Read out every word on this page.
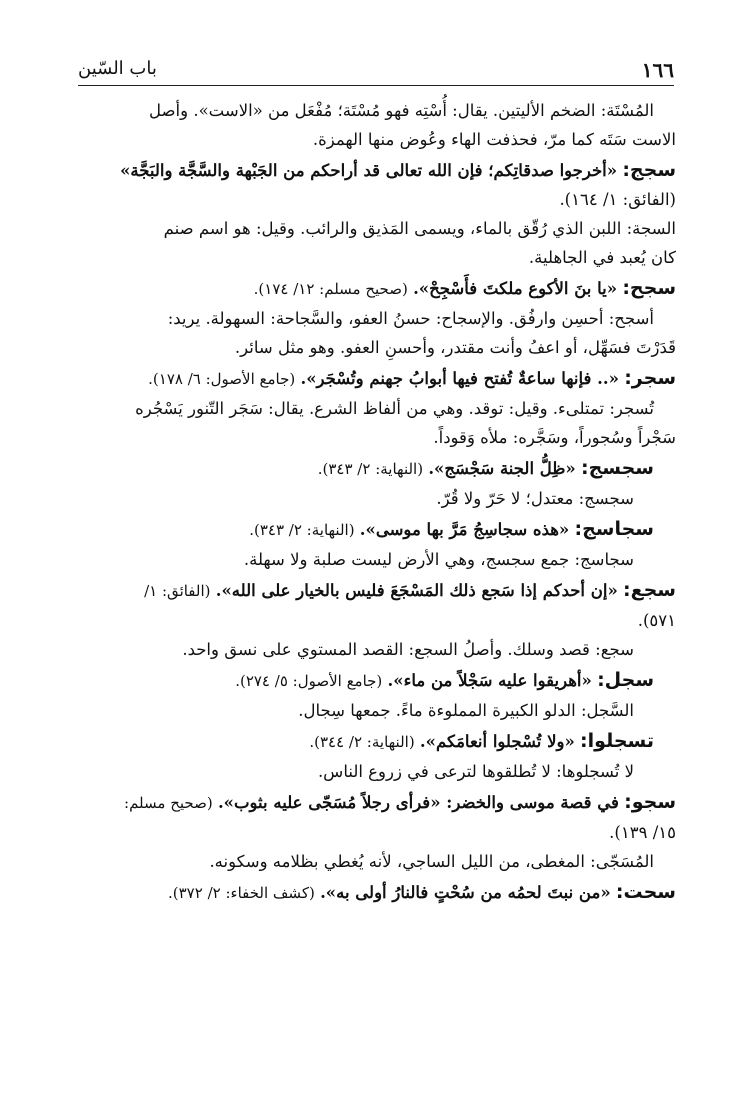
١٦٦
باب السّين

المُسْتَة: الضخم الأليتين. يقال: أُسْتِه فهو مُسْتَة؛ مُفْعَل من «الاست». وأصل

الاست سَتَه كما مرّ، فحذفت الهاء وعُوض منها الهمزة.

سجج: «أخرجوا صدقاتِكم؛ فإن الله تعالى قد أراحكم من الجَبْهة والسَّجَّة والبَجَّة»

(الفائق: ١/ ١٦٤).

السجة: اللبن الذي رُقّق بالماء، ويسمى المَذيق والرائب. وقيل: هو اسم صنم

كان يُعبد في الجاهلية.

سجح: «يا بنَ الأكوع ملكتَ فأَسْجِحْ». (صحيح مسلم: ١٢/ ١٧٤).

أسجح: أحسِن وارفُق. والإسجاح: حسنُ العفو، والسَّجاحة: السهولة. يريد:

قَدَرْتَ فسَهِّل، أو اعفُ وأنت مقتدر، وأحسنِ العفو. وهو مثل سائر.

سجر: «.. فإنها ساعةٌ تُفتح فيها أبوابُ جهنم وتُسْجَر». (جامع الأصول: ٦/ ١٧٨).

تُسجر: تمتلىء. وقيل: توقد. وهي من ألفاظ الشرع. يقال: سَجَر التّنور يَسْجُره

سَجْراً وسُجوراً، وسَجَّره: ملأه وَقوداً.

سجسج: «ظِلُّ الجنة سَجْسَج». (النهاية: ٢/ ٣٤٣).

سجسج: معتدل؛ لا حَرّ ولا قُرّ.

سجاسج: «هذه سجاسِجُ مَرَّ بها موسى». (النهاية: ٢/ ٣٤٣).

سجاسج: جمع سجسج، وهي الأرض ليست صلبة ولا سهلة.

سجع: «إن أحدكم إذا سَجع ذلك المَسْجَعَ فليس بالخيار على الله». (الفائق: ١/

٥٧١).

سجع: قصد وسلك. وأصلُ السجع: القصد المستوي على نسق واحد.

سجل: «أهريقوا عليه سَجْلاً من ماء». (جامع الأصول: ٥/ ٢٧٤).

السَّجل: الدلو الكبيرة المملوءة ماءً. جمعها سِجال.

تسجلوا: «ولا تُسْجلوا أنعامَكم». (النهاية: ٢/ ٣٤٤).

لا تُسجلوها: لا تُطلقوها لترعى في زروع الناس.

سجو: في قصة موسى والخضر: «فرأى رجلاً مُسَجّى عليه بثوب». (صحيح مسلم:

١٥/ ١٣٩).

المُسَجّى: المغطى، من الليل الساجي، لأنه يُغطي بظلامه وسكونه.

سحت: «من نبتَ لحمُه من سُحْتٍ فالنارُ أولى به». (كشف الخفاء: ٢/ ٣٧٢).
